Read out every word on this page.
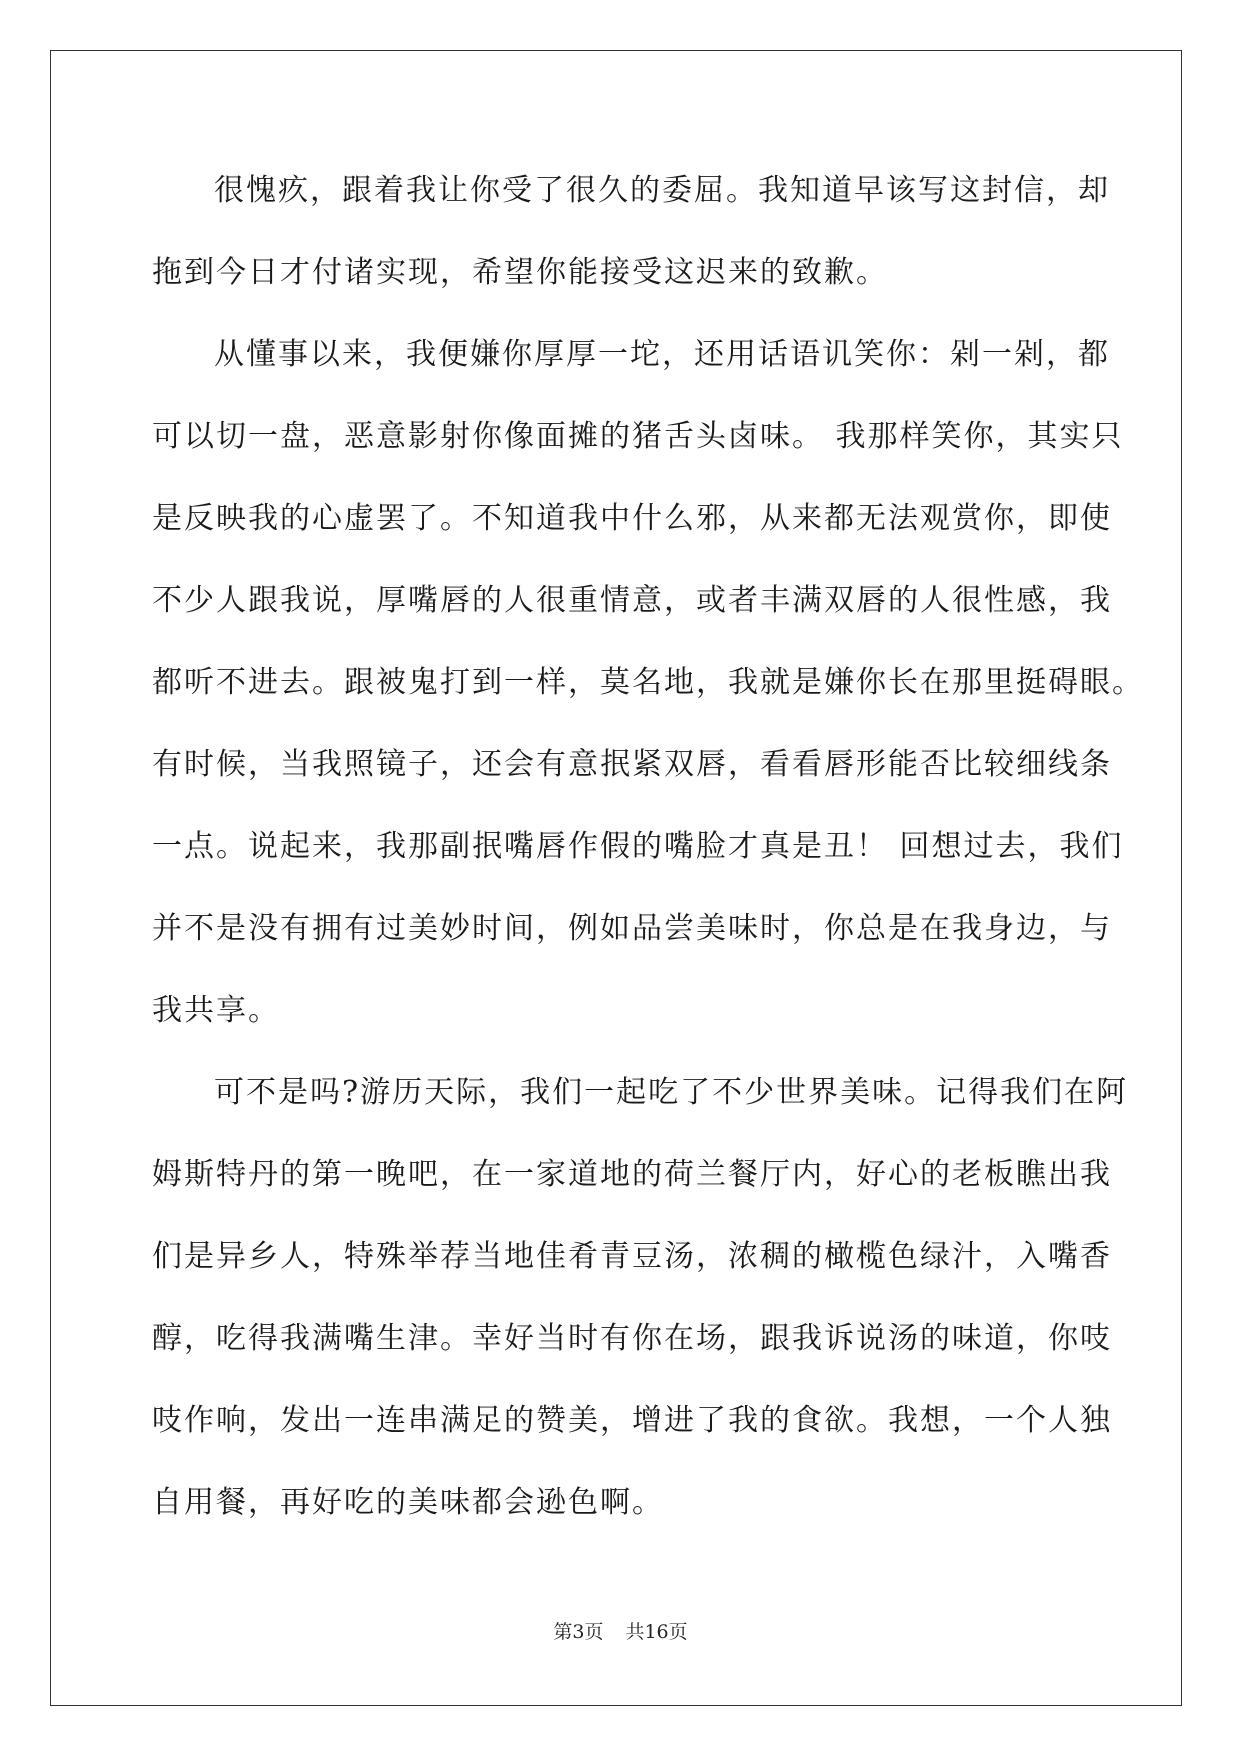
很愧疚，跟着我让你受了很久的委屈。我知道早该写这封信，却
拖到今日才付诸实现，希望你能接受这迟来的致歉。
从懂事以来，我便嫌你厚厚一坨，还用话语讥笑你：剁一剁，都
可以切一盘，恶意影射你像面摊的猪舌头卤味。 我那样笑你，其实只
是反映我的心虚罢了。不知道我中什么邪，从来都无法观赏你，即使
不少人跟我说，厚嘴唇的人很重情意，或者丰满双唇的人很性感，我
都听不进去。跟被鬼打到一样，莫名地，我就是嫌你长在那里挺碍眼。
有时候，当我照镜子，还会有意抿紧双唇，看看唇形能否比较细线条
一点。说起来，我那副抿嘴唇作假的嘴脸才真是丑！ 回想过去，我们
并不是没有拥有过美妙时间，例如品尝美味时，你总是在我身边，与
我共享。
可不是吗?游历天际，我们一起吃了不少世界美味。记得我们在阿
姆斯特丹的第一晚吧，在一家道地的荷兰餐厅内，好心的老板瞧出我
们是异乡人，特殊举荐当地佳肴青豆汤，浓稠的橄榄色绿汁，入嘴香
醇，吃得我满嘴生津。幸好当时有你在场，跟我诉说汤的味道，你吱
吱作响，发出一连串满足的赞美，增进了我的食欲。我想，一个人独
自用餐，再好吃的美味都会逊色啊。
第3页 共16页
